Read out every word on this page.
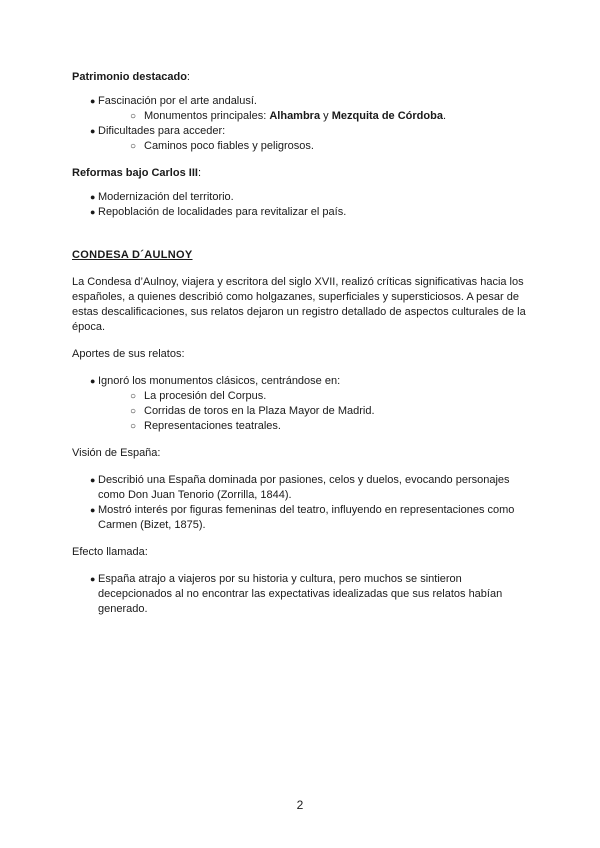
Patrimonio destacado:

● Fascinación por el arte andalusí.
○ Monumentos principales: Alhambra y Mezquita de Córdoba.
● Dificultades para acceder:
○ Caminos poco fiables y peligrosos.

Reformas bajo Carlos III:

● Modernización del territorio.
● Repoblación de localidades para revitalizar el país.

CONDESA D´AULNOY

La Condesa d’Aulnoy, viajera y escritora del siglo XVII, realizó críticas significativas hacia los españoles, a quienes describió como holgazanes, superficiales y supersticiosos. A pesar de estas descalificaciones, sus relatos dejaron un registro detallado de aspectos culturales de la época.

Aportes de sus relatos:

● Ignoró los monumentos clásicos, centrándose en:
○ La procesión del Corpus.
○ Corridas de toros en la Plaza Mayor de Madrid.
○ Representaciones teatrales.

Visión de España:

● Describió una España dominada por pasiones, celos y duelos, evocando personajes como Don Juan Tenorio (Zorrilla, 1844).
● Mostró interés por figuras femeninas del teatro, influyendo en representaciones como Carmen (Bizet, 1875).

Efecto llamada:

● España atrajo a viajeros por su historia y cultura, pero muchos se sintieron decepcionados al no encontrar las expectativas idealizadas que sus relatos habían generado.
2
